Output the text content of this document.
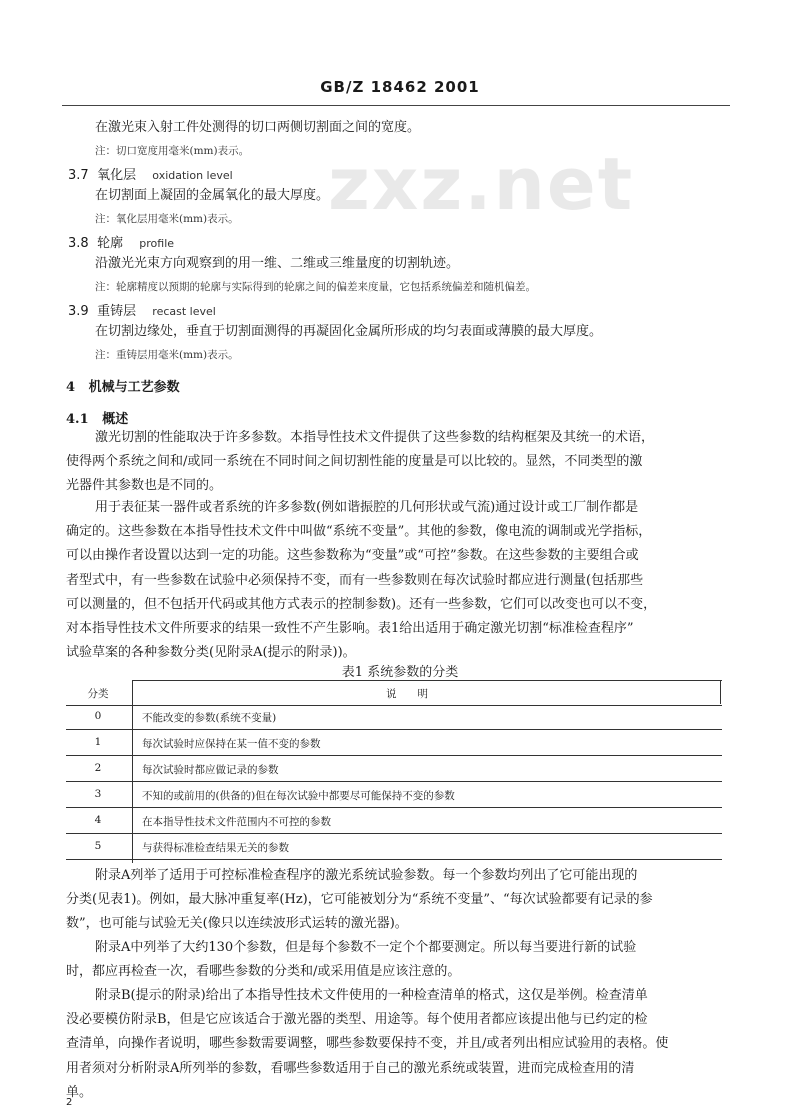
GB/Z 18462 2001
zxz.net
在激光束入射工件处测得的切口两侧切割面之间的宽度。
注：切口宽度用毫米(mm)表示。
3.7 氧化层 oxidation level
在切割面上凝固的金属氧化的最大厚度。
注：氧化层用毫米(mm)表示。
3.8 轮廓 profile
沿激光光束方向观察到的用一维、二维或三维量度的切割轨迹。
注：轮廓精度以预期的轮廓与实际得到的轮廓之间的偏差来度量，它包括系统偏差和随机偏差。
3.9 重铸层 recast level
在切割边缘处，垂直于切割面测得的再凝固化金属所形成的均匀表面或薄膜的最大厚度。
注：重铸层用毫米(mm)表示。
4 机械与工艺参数
4.1 概述
激光切割的性能取决于许多参数。本指导性技术文件提供了这些参数的结构框架及其统一的术语，
使得两个系统之间和/或同一系统在不同时间之间切割性能的度量是可以比较的。显然，不同类型的激
光器件其参数也是不同的。
用于表征某一器件或者系统的许多参数(例如谐振腔的几何形状或气流)通过设计或工厂制作都是
确定的。这些参数在本指导性技术文件中叫做“系统不变量”。其他的参数，像电流的调制或光学指标，
可以由操作者设置以达到一定的功能。这些参数称为“变量”或“可控”参数。在这些参数的主要组合或
者型式中，有一些参数在试验中必须保持不变，而有一些参数则在每次试验时都应进行测量(包括那些
可以测量的，但不包括开代码或其他方式表示的控制参数)。还有一些参数，它们可以改变也可以不变，
对本指导性技术文件所要求的结果一致性不产生影响。表1给出适用于确定激光切割“标准检查程序”
试验草案的各种参数分类(见附录A(提示的附录))。
表1 系统参数的分类
分类	说　　明
0	不能改变的参数(系统不变量)
1	每次试验时应保持在某一值不变的参数
2	每次试验时都应做记录的参数
3	不知的或前用的(供备的)但在每次试验中都要尽可能保持不变的参数
4	在本指导性技术文件范围内不可控的参数
5	与获得标准检查结果无关的参数
附录A列举了适用于可控标准检查程序的激光系统试验参数。每一个参数均列出了它可能出现的
分类(见表1)。例如，最大脉冲重复率(Hz)，它可能被划分为“系统不变量”、“每次试验都要有记录的参
数”，也可能与试验无关(像只以连续波形式运转的激光器)。
附录A中列举了大约130个参数，但是每个参数不一定个个都要测定。所以每当要进行新的试验
时，都应再检查一次，看哪些参数的分类和/或采用值是应该注意的。
附录B(提示的附录)给出了本指导性技术文件使用的一种检查清单的格式，这仅是举例。检查清单
没必要模仿附录B，但是它应该适合于激光器的类型、用途等。每个使用者都应该提出他与已约定的检
查清单，向操作者说明，哪些参数需要调整，哪些参数要保持不变，并且/或者列出相应试验用的表格。使
用者须对分析附录A所列举的参数，看哪些参数适用于自己的激光系统或装置，进而完成检查用的清
单。
2
